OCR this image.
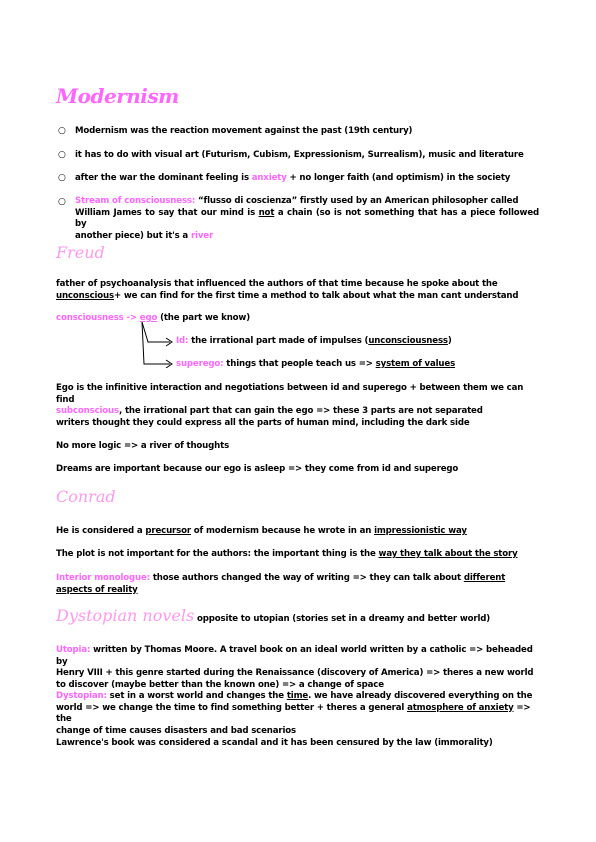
Modernism
○ Modernism was the reaction movement against the past (19th century)
○ it has to do with visual art (Futurism, Cubism, Expressionism, Surrealism), music and literature
○ after the war the dominant feeling is anxiety + no longer faith (and optimism) in the society
○ Stream of consciousness: “flusso di coscienza” firstly used by an American philosopher called
William James to say that our mind is not a chain (so is not something that has a piece followed by
another piece) but it's a river
Freud
father of psychoanalysis that influenced the authors of that time because he spoke about the
unconscious+ we can find for the first time a method to talk about what the man cant understand
consciousness -> ego (the part we know)
Id: the irrational part made of impulses (unconsciousness)
superego: things that people teach us => system of values
Ego is the infinitive interaction and negotiations between id and superego + between them we can find
subconscious, the irrational part that can gain the ego => these 3 parts are not separated
writers thought they could express all the parts of human mind, including the dark side
No more logic => a river of thoughts
Dreams are important because our ego is asleep => they come from id and superego
Conrad
He is considered a precursor of modernism because he wrote in an impressionistic way
The plot is not important for the authors: the important thing is the way they talk about the story
Interior monologue: those authors changed the way of writing => they can talk about different
aspects of reality
Dystopian novels opposite to utopian (stories set in a dreamy and better world)
Utopia: written by Thomas Moore. A travel book on an ideal world written by a catholic => beheaded by
Henry VIII + this genre started during the Renaissance (discovery of America) => theres a new world
to discover (maybe better than the known one) => a change of space
Dystopian: set in a worst world and changes the time. we have already discovered everything on the
world => we change the time to find something better + theres a general atmosphere of anxiety => the
change of time causes disasters and bad scenarios
Lawrence's book was considered a scandal and it has been censured by the law (immorality)
